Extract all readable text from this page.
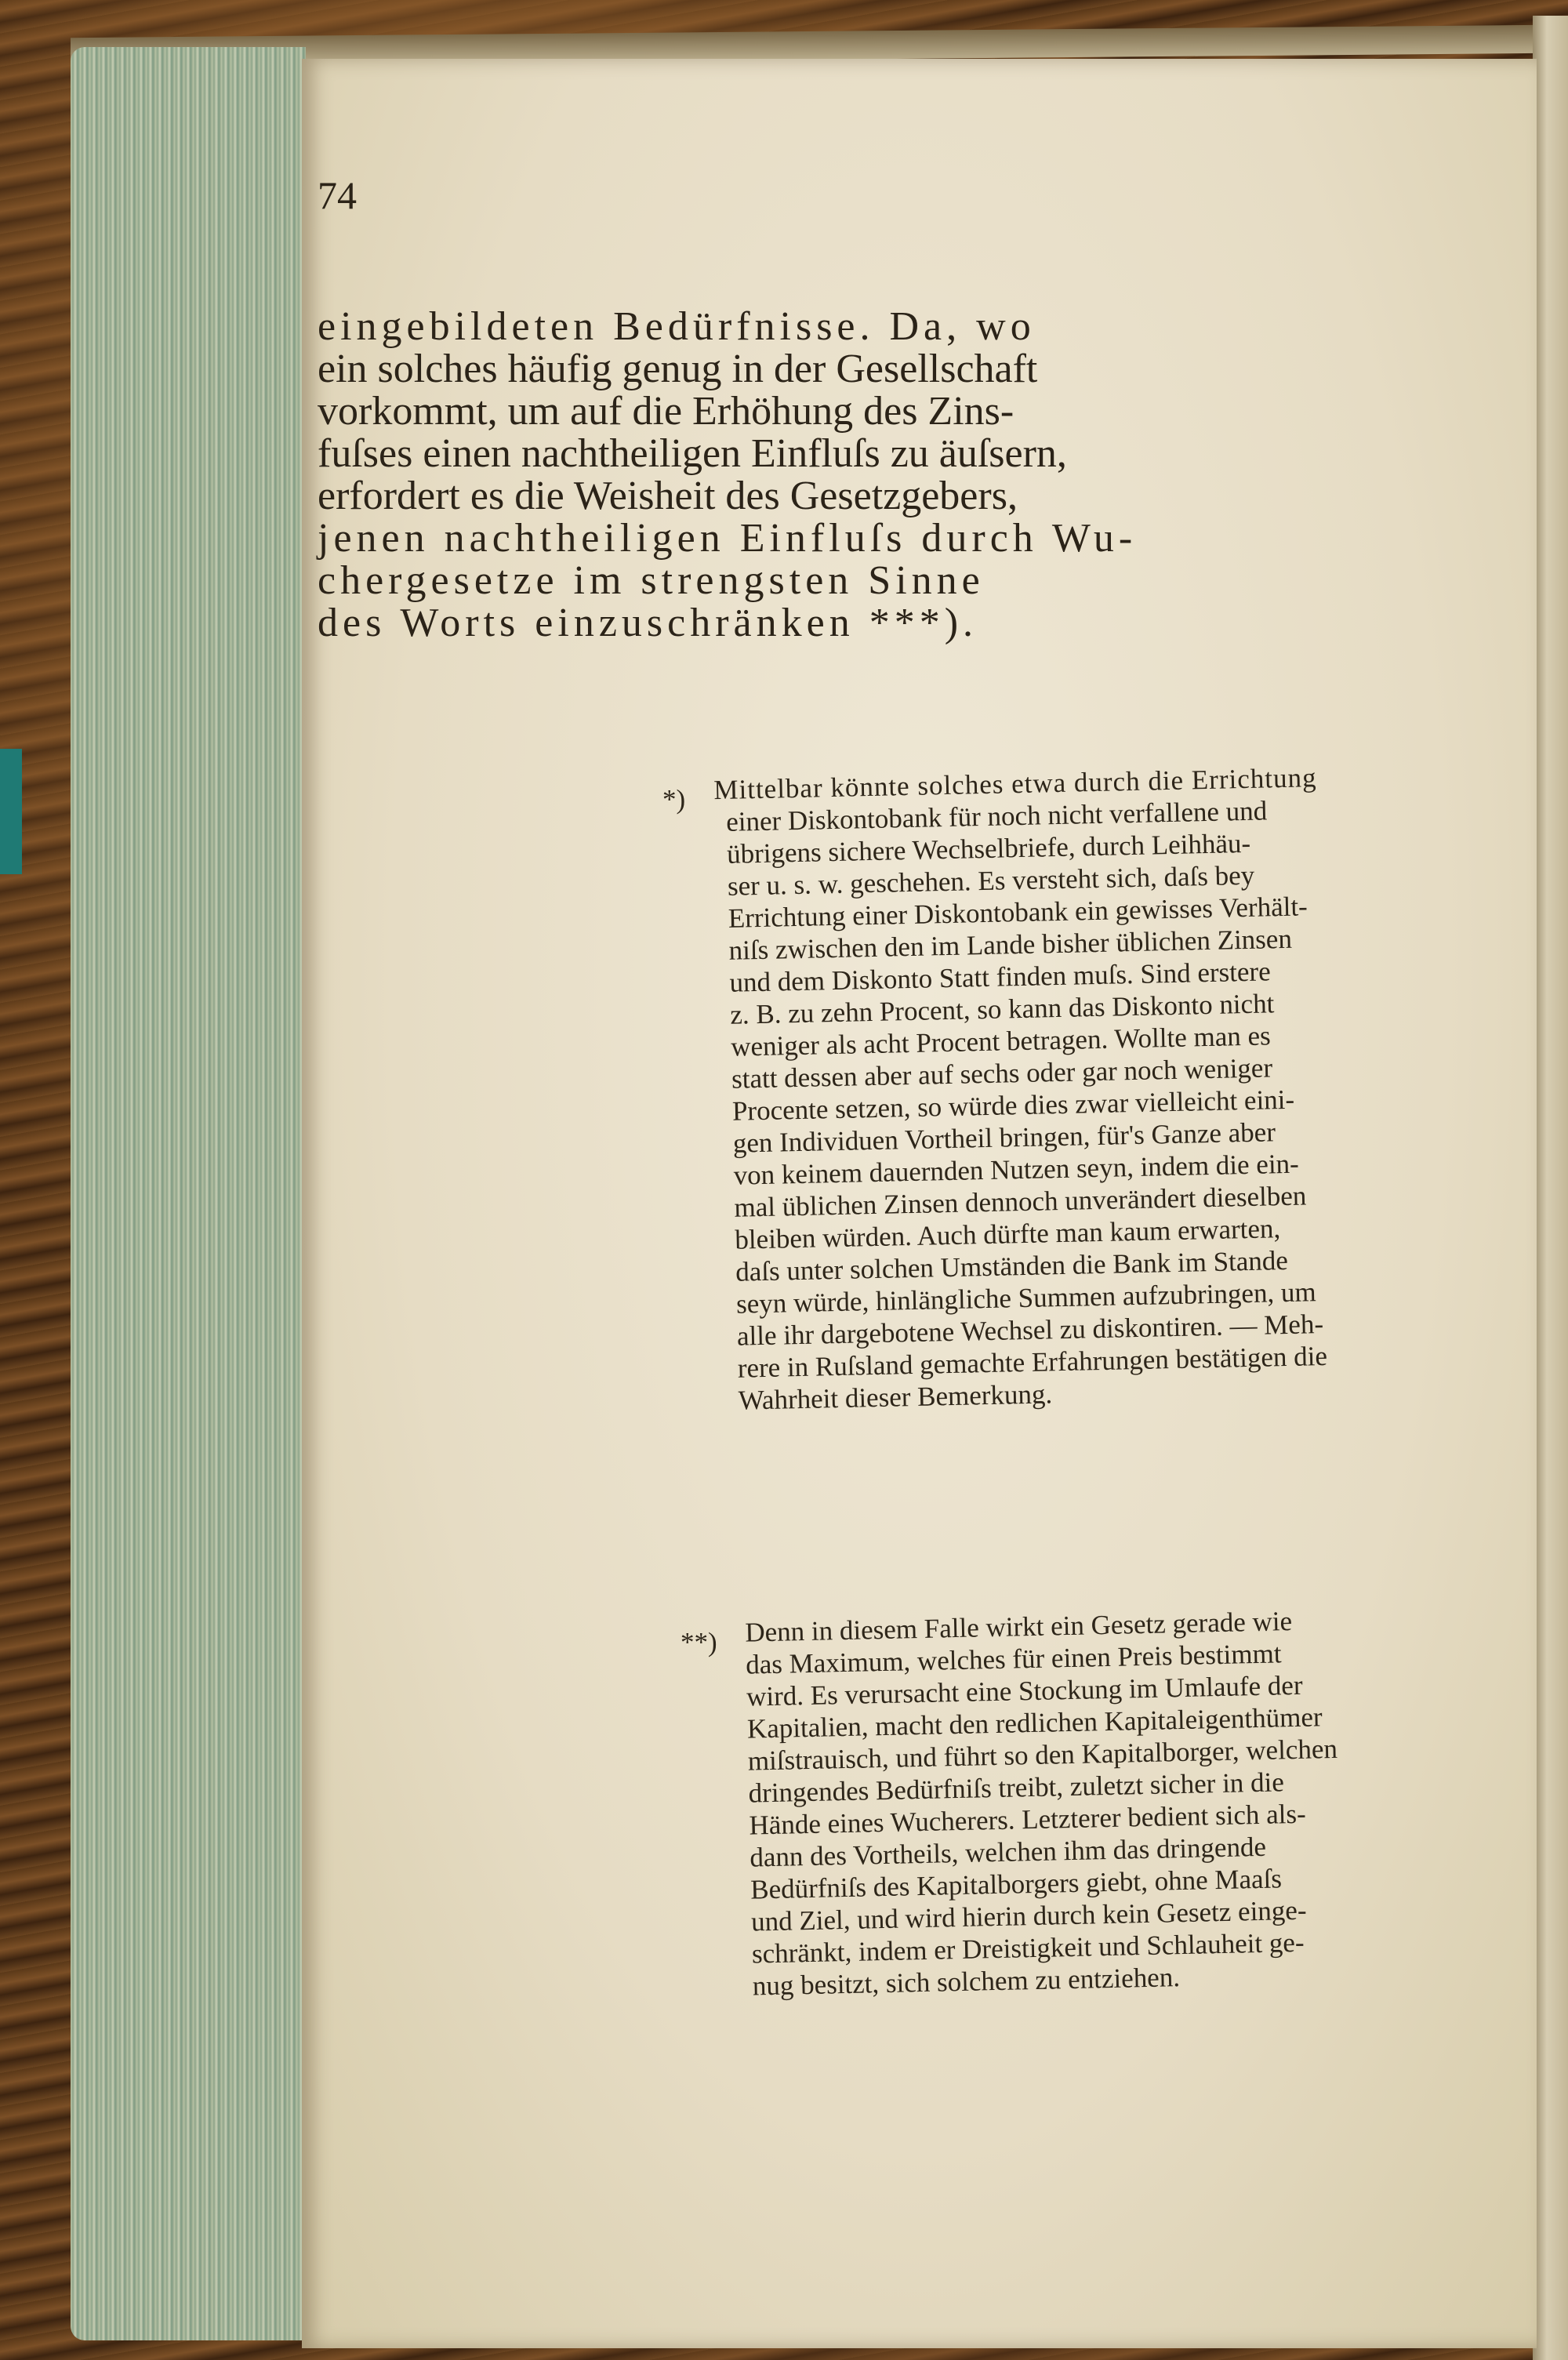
74
eingebildeten Bedürfnisse. Da, wo
ein solches häufig genug in der Gesellschaft
vorkommt, um auf die Erhöhung des Zins-
fuſses einen nachtheiligen Einfluſs zu äuſsern,
erfordert es die Weisheit des Gesetzgebers,
jenen nachtheiligen Einfluſs durch Wu-
chergesetze im strengsten Sinne
des Worts einzuschränken ***).
*) Mittelbar könnte solches etwa durch die Errichtung
einer Diskontobank für noch nicht verfallene und
übrigens sichere Wechselbriefe, durch Leihhäu-
ser u. s. w. geschehen. Es versteht sich, daſs bey
Errichtung einer Diskontobank ein gewisses Verhält-
niſs zwischen den im Lande bisher üblichen Zinsen
und dem Diskonto Statt finden muſs. Sind erstere
z. B. zu zehn Procent, so kann das Diskonto nicht
weniger als acht Procent betragen. Wollte man es
statt dessen aber auf sechs oder gar noch weniger
Procente setzen, so würde dies zwar vielleicht eini-
gen Individuen Vortheil bringen, für's Ganze aber
von keinem dauernden Nutzen seyn, indem die ein-
mal üblichen Zinsen dennoch unverändert dieselben
bleiben würden. Auch dürfte man kaum erwarten,
daſs unter solchen Umständen die Bank im Stande
seyn würde, hinlängliche Summen aufzubringen, um
alle ihr dargebotene Wechsel zu diskontiren. — Meh-
rere in Ruſsland gemachte Erfahrungen bestätigen die
Wahrheit dieser Bemerkung.
**) Denn in diesem Falle wirkt ein Gesetz gerade wie
das Maximum, welches für einen Preis bestimmt
wird. Es verursacht eine Stockung im Umlaufe der
Kapitalien, macht den redlichen Kapitaleigenthümer
miſstrauisch, und führt so den Kapitalborger, welchen
dringendes Bedürfniſs treibt, zuletzt sicher in die
Hände eines Wucherers. Letzterer bedient sich als-
dann des Vortheils, welchen ihm das dringende
Bedürfniſs des Kapitalborgers giebt, ohne Maaſs
und Ziel, und wird hierin durch kein Gesetz einge-
schränkt, indem er Dreistigkeit und Schlauheit ge-
nug besitzt, sich solchem zu entziehen.
